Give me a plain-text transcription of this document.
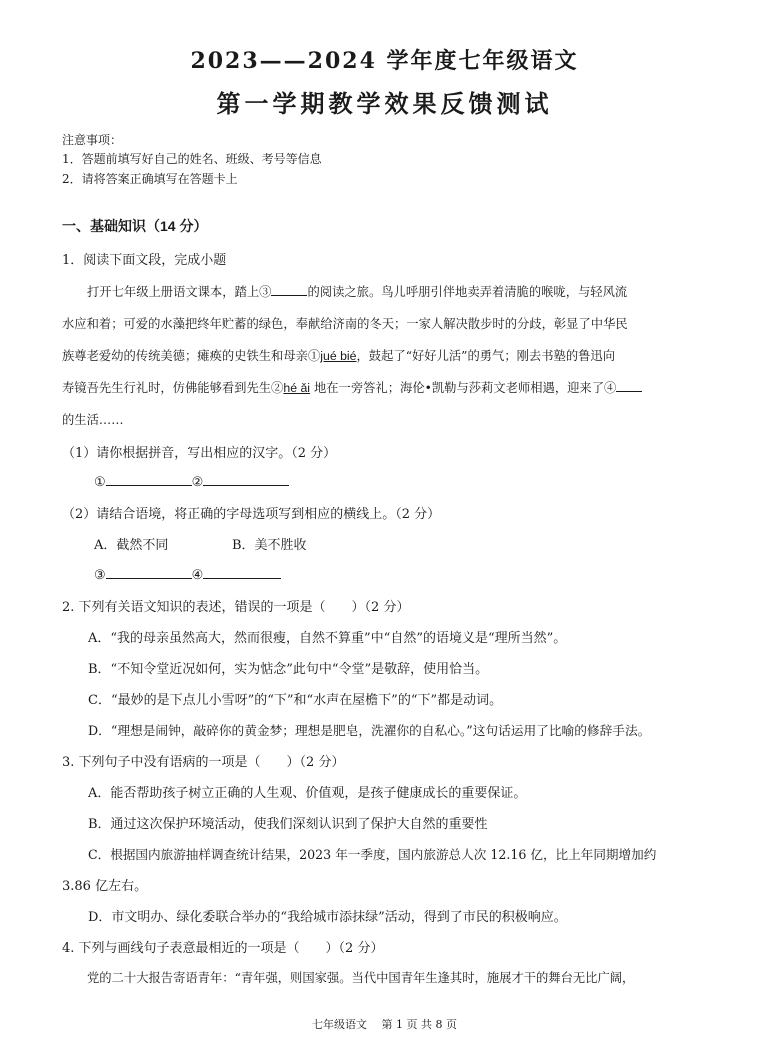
2023——2024 学年度七年级语文
第一学期教学效果反馈测试
注意事项：
1．答题前填写好自己的姓名、班级、考号等信息
2．请将答案正确填写在答题卡上
一、基础知识（14 分）
1．阅读下面文段，完成小题
打开七年级上册语文课本，踏上③	的阅读之旅。鸟儿呼朋引伴地卖弄着清脆的喉咙，与轻风流
水应和着；可爱的水藻把终年贮蓄的绿色，奉献给济南的冬天；一家人解决散步时的分歧，彰显了中华民
族尊老爱幼的传统美德；瘫痪的史铁生和母亲①jué bié，鼓起了“好好儿活”的勇气；刚去书塾的鲁迅向
寿镜吾先生行礼时，仿佛能够看到先生②hé ǎi 地在一旁答礼；海伦•凯勒与莎莉文老师相遇，迎来了④
的生活……
（1）请你根据拼音，写出相应的汉字。（2 分）
①	②
（2）请结合语境，将正确的字母选项写到相应的横线上。（2 分）
A．截然不同	B．美不胜收
③	④
2. 下列有关语文知识的表述，错误的一项是（　　）（2 分）
A．“我的母亲虽然高大，然而很瘦，自然不算重”中“自然”的语境义是“理所当然”。
B．“不知令堂近况如何，实为惦念”此句中“令堂”是敬辞，使用恰当。
C．“最妙的是下点儿小雪呀”的“下”和“水声在屋檐下”的“下”都是动词。
D．“理想是闹钟，敲碎你的黄金梦；理想是肥皂，洗濯你的自私心。”这句话运用了比喻的修辞手法。
3. 下列句子中没有语病的一项是（　　）（2 分）
A．能否帮助孩子树立正确的人生观、价值观，是孩子健康成长的重要保证。
B．通过这次保护环境活动，使我们深刻认识到了保护大自然的重要性
C．根据国内旅游抽样调查统计结果，2023 年一季度，国内旅游总人次 12.16 亿，比上年同期增加约
3.86 亿左右。
D．市文明办、绿化委联合举办的“我给城市添抹绿”活动，得到了市民的积极响应。
4. 下列与画线句子表意最相近的一项是（　　）（2 分）
党的二十大报告寄语青年：“青年强，则国家强。当代中国青年生逢其时，施展才干的舞台无比广阔，
七年级语文　 第 1 页 共 8 页
